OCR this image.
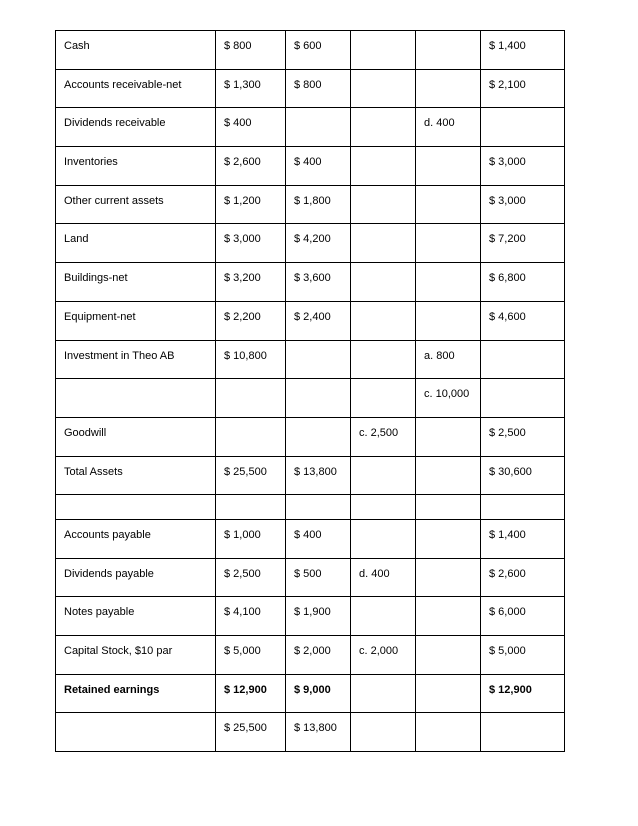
Cash	$ 800	$ 600			$ 1,400

Accounts receivable-net	$ 1,300	$ 800			$ 2,100

Dividends receivable	$ 400			d. 400	

Inventories	$ 2,600	$ 400			$ 3,000

Other current assets	$ 1,200	$ 1,800			$ 3,000

Land	$ 3,000	$ 4,200			$ 7,200

Buildings-net	$ 3,200	$ 3,600			$ 6,800

Equipment-net	$ 2,200	$ 2,400			$ 4,600

Investment in Theo AB	$ 10,800			a. 800	

				c. 10,000	

Goodwill			c. 2,500		$ 2,500

Total Assets	$ 25,500	$ 13,800			$ 30,600

Accounts payable	$ 1,000	$ 400			$ 1,400

Dividends payable	$ 2,500	$ 500	d. 400		$ 2,600

Notes payable	$ 4,100	$ 1,900			$ 6,000

Capital Stock, $10 par	$ 5,000	$ 2,000	c. 2,000		$ 5,000

Retained earnings	$ 12,900	$ 9,000			$ 12,900

	$ 25,500	$ 13,800			
